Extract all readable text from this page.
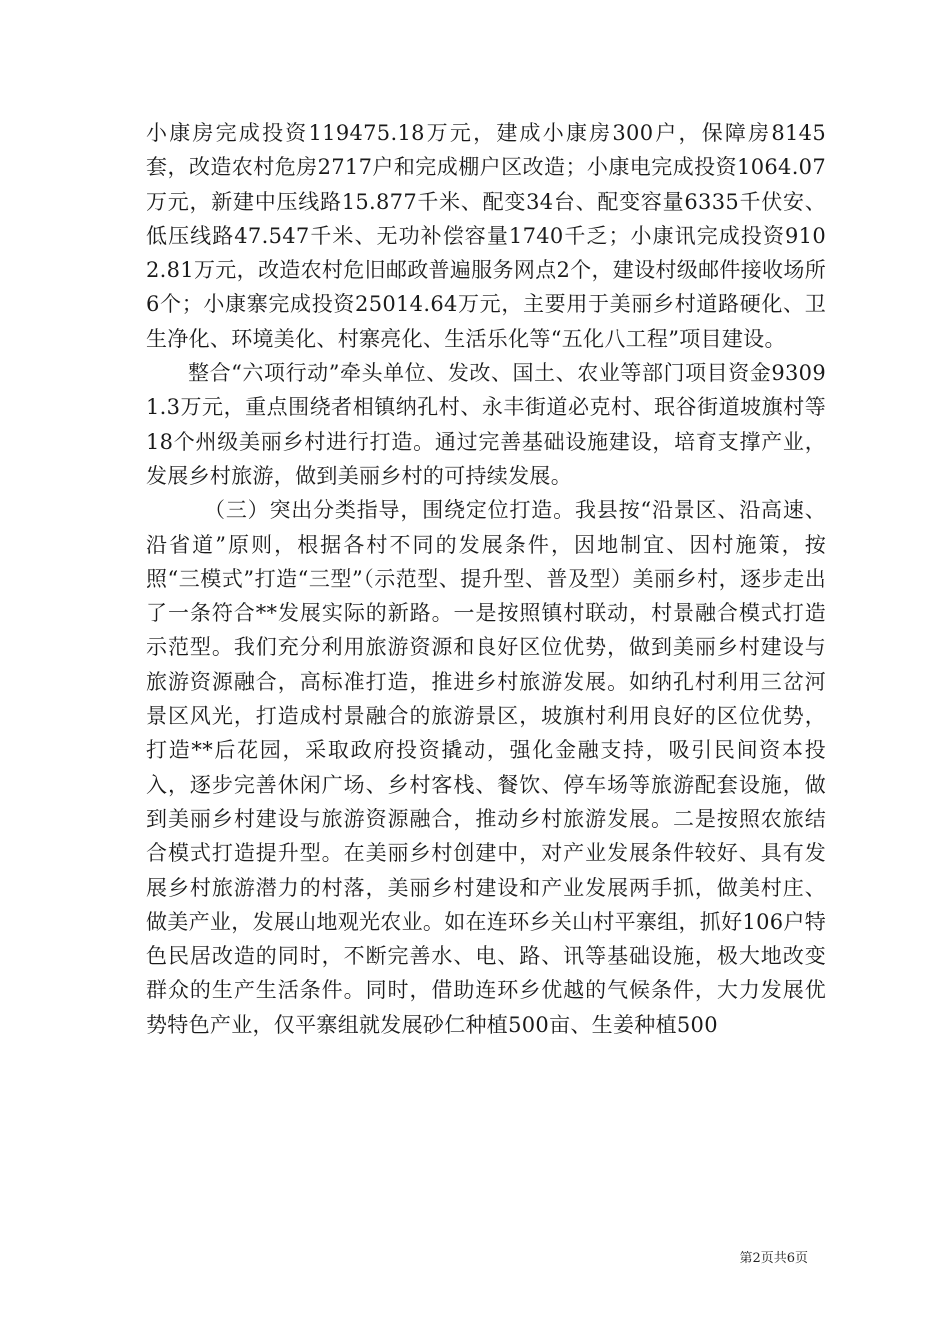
小康房完成投资119475.18万元，建成小康房300户，保障房8145套，改造农村危房2717户和完成棚户区改造；小康电完成投资1064.07万元，新建中压线路15.877千米、配变34台、配变容量6335千伏安、低压线路47.547千米、无功补偿容量1740千乏；小康讯完成投资9102.81万元，改造农村危旧邮政普遍服务网点2个，建设村级邮件接收场所6个；小康寨完成投资25014.64万元，主要用于美丽乡村道路硬化、卫生净化、环境美化、村寨亮化、生活乐化等“五化八工程”项目建设。

整合“六项行动”牵头单位、发改、国土、农业等部门项目资金93091.3万元，重点围绕者相镇纳孔村、永丰街道必克村、珉谷街道坡旗村等18个州级美丽乡村进行打造。通过完善基础设施建设，培育支撑产业，发展乡村旅游，做到美丽乡村的可持续发展。

（三）突出分类指导，围绕定位打造。我县按“沿景区、沿高速、沿省道”原则，根据各村不同的发展条件，因地制宜、因村施策，按照“三模式”打造“三型”（示范型、提升型、普及型）美丽乡村，逐步走出了一条符合**发展实际的新路。一是按照镇村联动，村景融合模式打造示范型。我们充分利用旅游资源和良好区位优势，做到美丽乡村建设与旅游资源融合，高标准打造，推进乡村旅游发展。如纳孔村利用三岔河景区风光，打造成村景融合的旅游景区，坡旗村利用良好的区位优势，打造**后花园，采取政府投资撬动，强化金融支持，吸引民间资本投入，逐步完善休闲广场、乡村客栈、餐饮、停车场等旅游配套设施，做到美丽乡村建设与旅游资源融合，推动乡村旅游发展。二是按照农旅结合模式打造提升型。在美丽乡村创建中，对产业发展条件较好、具有发展乡村旅游潜力的村落，美丽乡村建设和产业发展两手抓，做美村庄、做美产业，发展山地观光农业。如在连环乡关山村平寨组，抓好106户特色民居改造的同时，不断完善水、电、路、讯等基础设施，极大地改变群众的生产生活条件。同时，借助连环乡优越的气候条件，大力发展优势特色产业，仅平寨组就发展砂仁种植500亩、生姜种植500

第2页共6页
